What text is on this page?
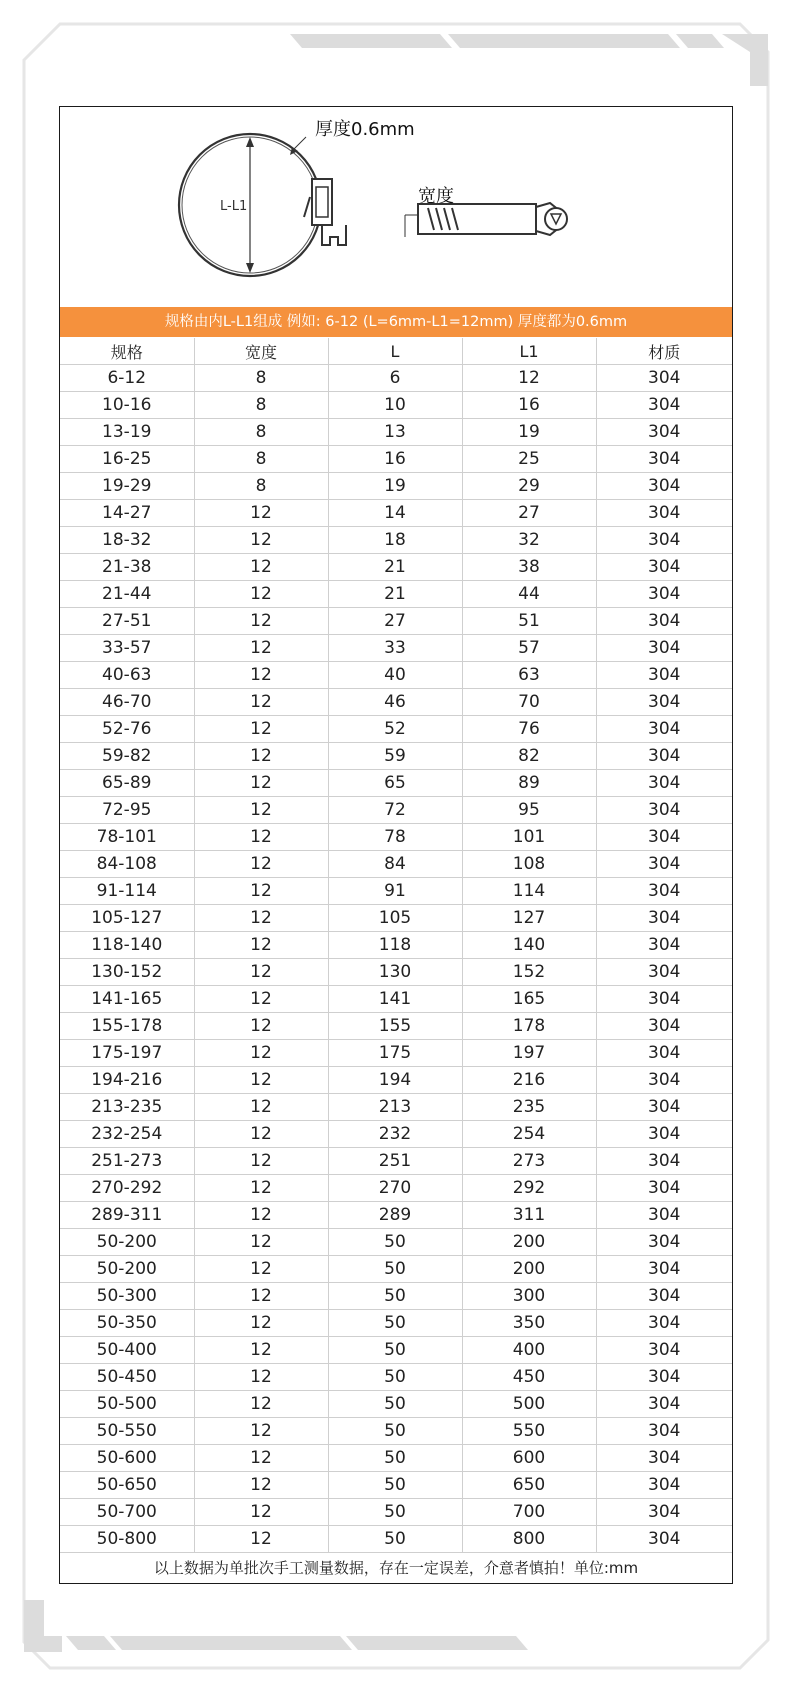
L-L1
厚度0.6mm
宽度
规格由内L-L1组成 例如: 6-12 (L=6mm-L1=12mm) 厚度都为0.6mm
规格	宽度	L	L1	材质
6-12	8	6	12	304
10-16	8	10	16	304
13-19	8	13	19	304
16-25	8	16	25	304
19-29	8	19	29	304
14-27	12	14	27	304
18-32	12	18	32	304
21-38	12	21	38	304
21-44	12	21	44	304
27-51	12	27	51	304
33-57	12	33	57	304
40-63	12	40	63	304
46-70	12	46	70	304
52-76	12	52	76	304
59-82	12	59	82	304
65-89	12	65	89	304
72-95	12	72	95	304
78-101	12	78	101	304
84-108	12	84	108	304
91-114	12	91	114	304
105-127	12	105	127	304
118-140	12	118	140	304
130-152	12	130	152	304
141-165	12	141	165	304
155-178	12	155	178	304
175-197	12	175	197	304
194-216	12	194	216	304
213-235	12	213	235	304
232-254	12	232	254	304
251-273	12	251	273	304
270-292	12	270	292	304
289-311	12	289	311	304
50-200	12	50	200	304
50-200	12	50	200	304
50-300	12	50	300	304
50-350	12	50	350	304
50-400	12	50	400	304
50-450	12	50	450	304
50-500	12	50	500	304
50-550	12	50	550	304
50-600	12	50	600	304
50-650	12	50	650	304
50-700	12	50	700	304
50-800	12	50	800	304
以上数据为单批次手工测量数据，存在一定误差，介意者慎拍！单位:mm
